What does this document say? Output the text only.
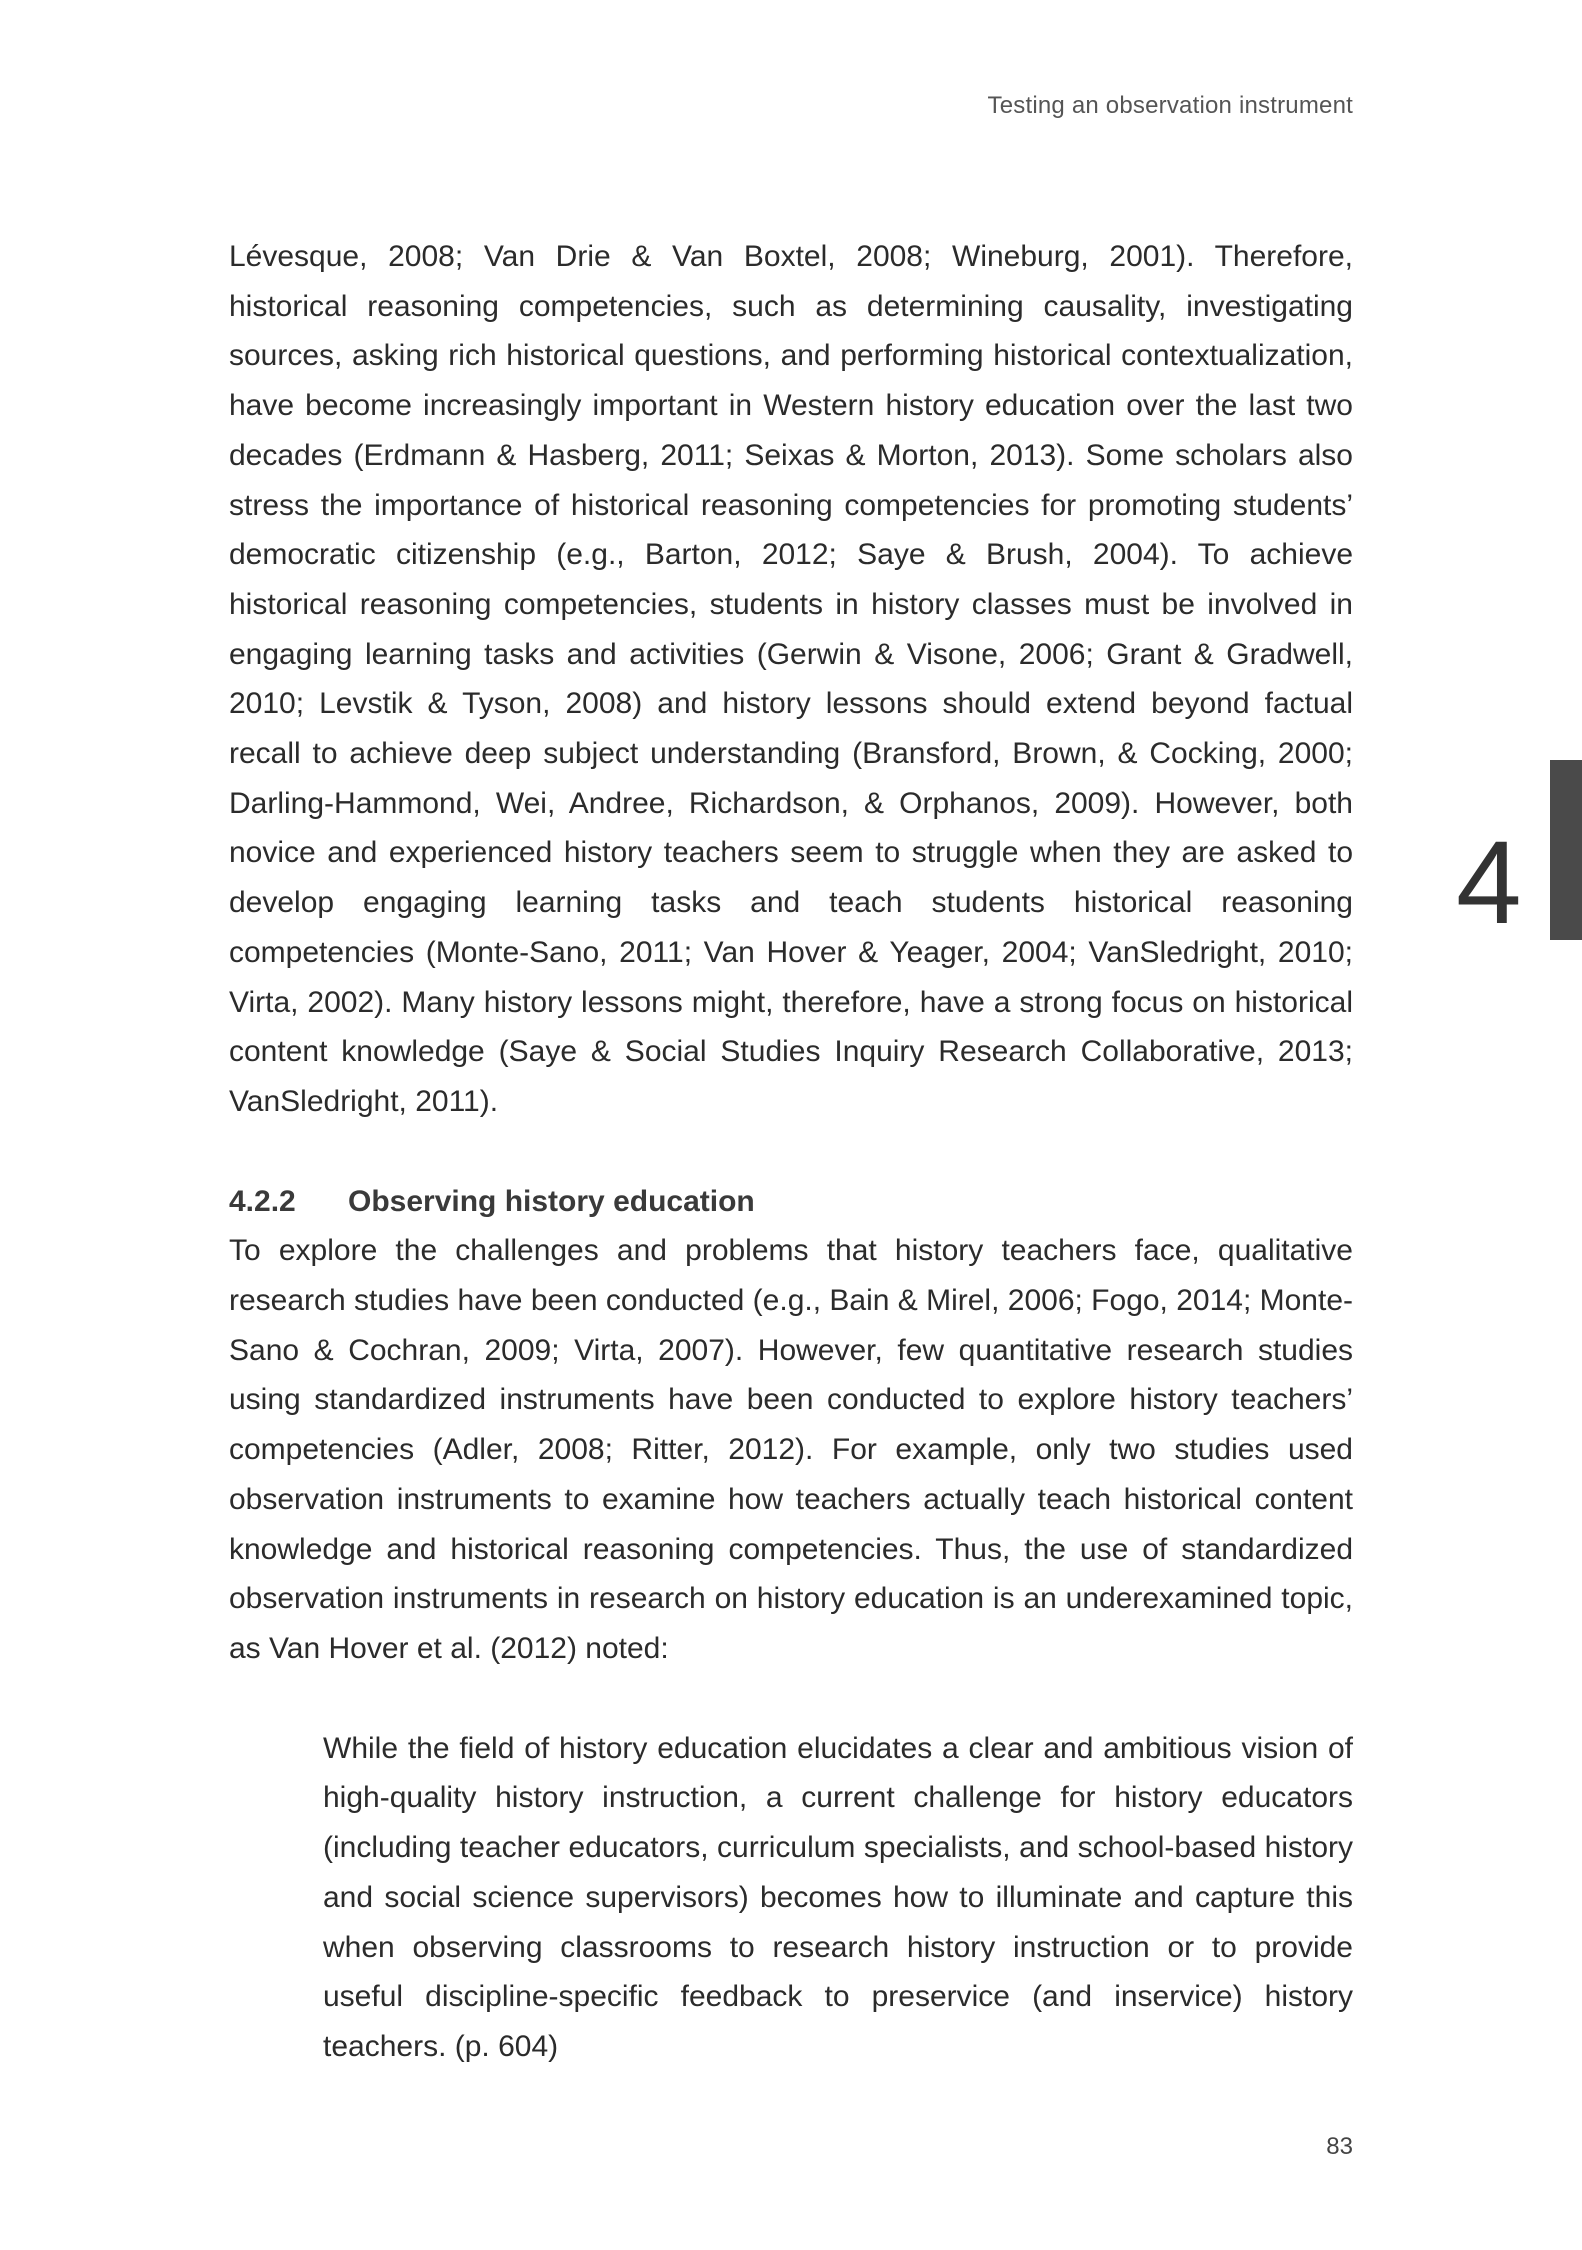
Testing an observation instrument

Lévesque, 2008; Van Drie & Van Boxtel, 2008; Wineburg, 2001). Therefore, historical reasoning competencies, such as determining causality, investigating sources, asking rich historical questions, and performing historical contextualization, have become increasingly important in Western history education over the last two decades (Erdmann & Hasberg, 2011; Seixas & Morton, 2013). Some scholars also stress the importance of historical reasoning competencies for promoting students’ democratic citizenship (e.g., Barton, 2012; Saye & Brush, 2004). To achieve historical reasoning competencies, students in history classes must be involved in engaging learning tasks and activities (Gerwin & Visone, 2006; Grant & Gradwell, 2010; Levstik & Tyson, 2008) and history lessons should extend beyond factual recall to achieve deep subject understanding (Bransford, Brown, & Cocking, 2000; Darling-Hammond, Wei, Andree, Richardson, & Orphanos, 2009). However, both novice and experienced history teachers seem to struggle when they are asked to develop engaging learning tasks and teach students historical reasoning competencies (Monte-Sano, 2011; Van Hover & Yeager, 2004; VanSledright, 2010; Virta, 2002). Many history lessons might, therefore, have a strong focus on historical content knowledge (Saye & Social Studies Inquiry Research Collaborative, 2013; VanSledright, 2011).

4.2.2 Observing history education

To explore the challenges and problems that history teachers face, qualitative research studies have been conducted (e.g., Bain & Mirel, 2006; Fogo, 2014; Monte-Sano & Cochran, 2009; Virta, 2007). However, few quantitative research studies using standardized instruments have been conducted to explore history teachers’ competencies (Adler, 2008; Ritter, 2012). For example, only two studies used observation instruments to examine how teachers actually teach historical content knowledge and historical reasoning competencies. Thus, the use of standardized observation instruments in research on history education is an underexamined topic, as Van Hover et al. (2012) noted:

While the field of history education elucidates a clear and ambitious vision of high-quality history instruction, a current challenge for history educators (including teacher educators, curriculum specialists, and school-based history and social science supervisors) becomes how to illuminate and capture this when observing classrooms to research history instruction or to provide useful discipline-specific feedback to preservice (and inservice) history teachers. (p. 604)

4
83
